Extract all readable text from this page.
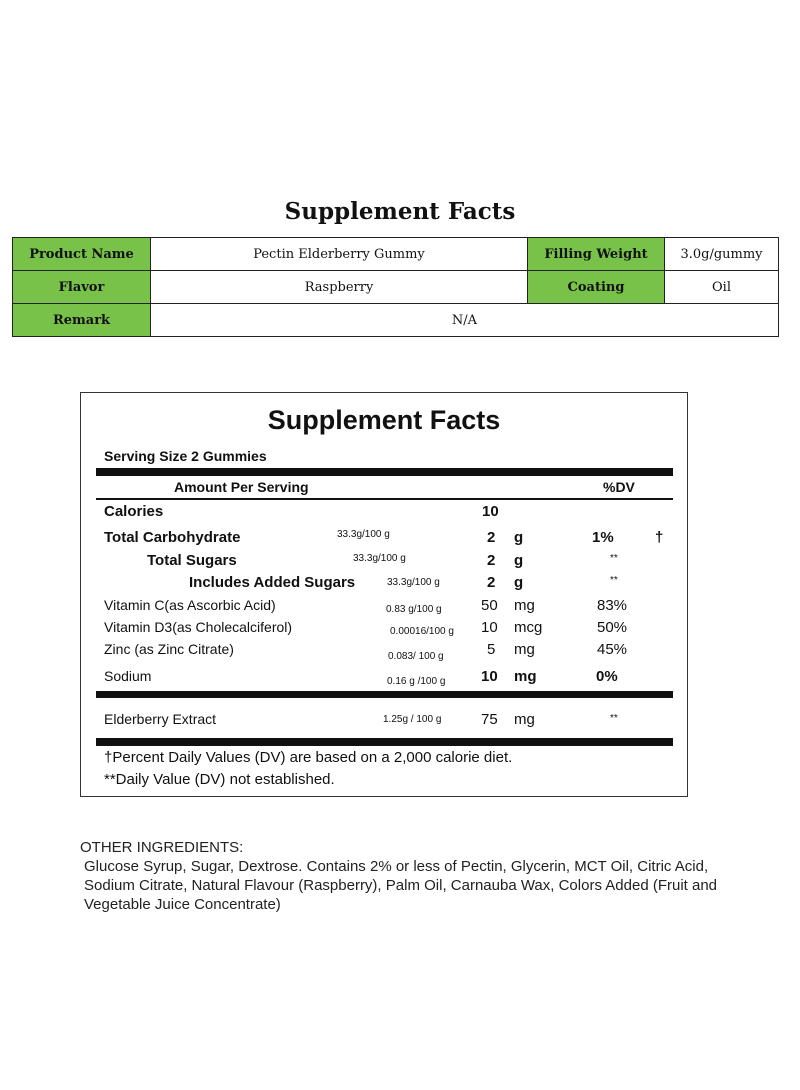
Supplement Facts
Product Name	Pectin Elderberry Gummy	Filling Weight	3.0g/gummy
Flavor	Raspberry	Coating	Oil
Remark	N/A		
Supplement Facts
Serving Size 2 Gummies
Amount Per Serving	%DV
Calories	10
Total Carbohydrate	33.3g/100 g	2 g	1%	†
Total Sugars	33.3g/100 g	2 g	**
Includes Added Sugars	33.3g/100 g	2 g	**
Vitamin C(as Ascorbic Acid)	0.83 g/100 g	50 mg	83%
Vitamin D3(as Cholecalciferol)	0.00016/100 g 10 mcg	50%
Zinc (as Zinc Citrate)	0.083/ 100 g	5 mg	45%
Sodium	0.16 g /100 g 10 mg	0%
Elderberry Extract	1.25g / 100 g	75 mg	**
†Percent Daily Values (DV) are based on a 2,000 calorie diet.
**Daily Value (DV) not established.
OTHER INGREDIENTS:
Glucose Syrup, Sugar, Dextrose. Contains 2% or less of Pectin, Glycerin, MCT Oil, Citric Acid, Sodium Citrate, Natural Flavour (Raspberry), Palm Oil, Carnauba Wax, Colors Added (Fruit and Vegetable Juice Concentrate)
